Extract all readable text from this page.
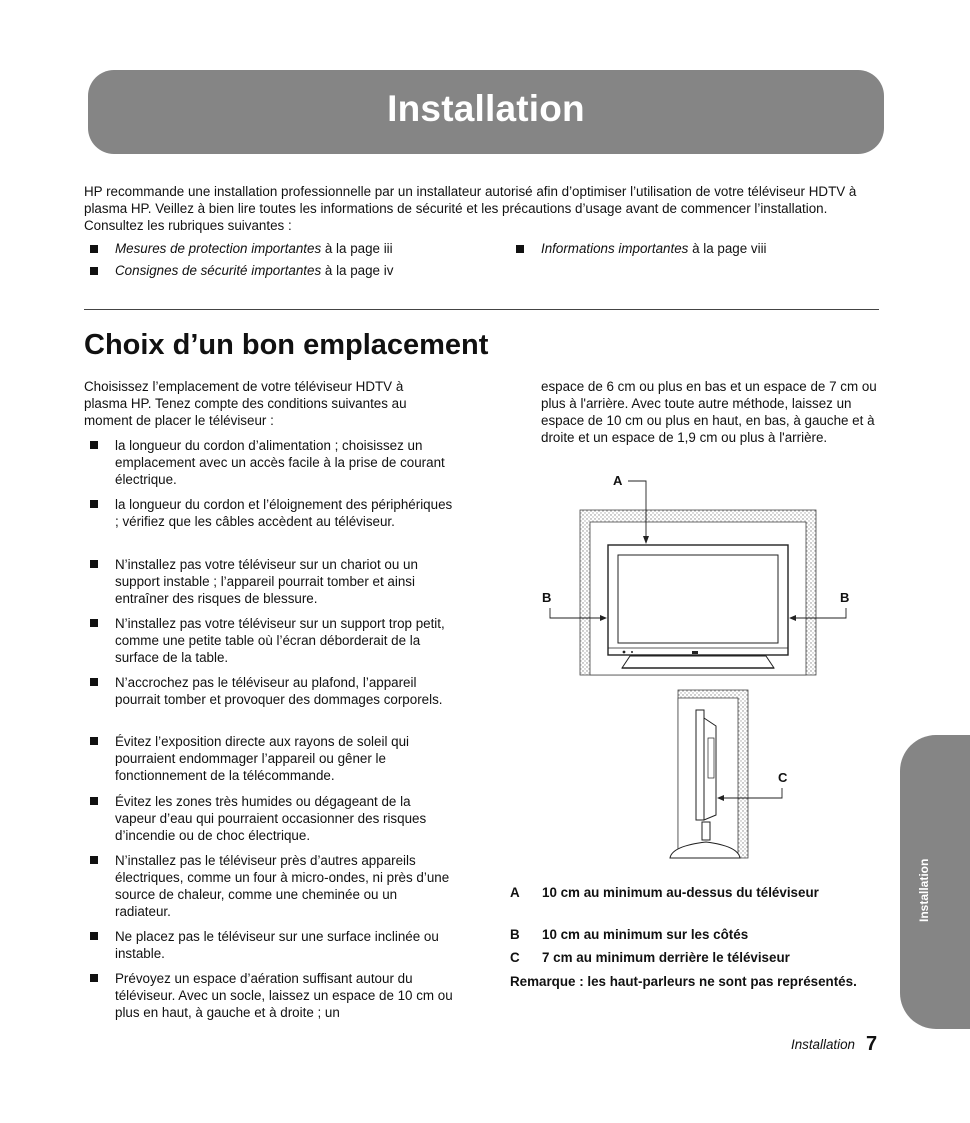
Installation
HP recommande une installation professionnelle par un installateur autorisé afin d’optimiser l’utilisation de votre téléviseur HDTV à plasma HP. Veillez à bien lire toutes les informations de sécurité et les précautions d’usage avant de commencer l’installation. Consultez les rubriques suivantes :
Mesures de protection importantes à la page iii
Consignes de sécurité importantes à la page iv
Informations importantes à la page viii
Choix d’un bon emplacement
Choisissez l’emplacement de votre téléviseur HDTV à plasma HP. Tenez compte des conditions suivantes au moment de placer le téléviseur :
la longueur du cordon d’alimentation ; choisissez un emplacement avec un accès facile à la prise de courant électrique.
la longueur du cordon et l’éloignement des périphériques ; vérifiez que les câbles accèdent au téléviseur.
N’installez pas votre téléviseur sur un chariot ou un support instable ; l’appareil pourrait tomber et ainsi entraîner des risques de blessure.
N’installez pas votre téléviseur sur un support trop petit, comme une petite table où l’écran déborderait de la surface de la table.
N’accrochez pas le téléviseur au plafond, l’appareil pourrait tomber et provoquer des dommages corporels.
Évitez l’exposition directe aux rayons de soleil qui pourraient endommager l’appareil ou gêner le fonctionnement de la télécommande.
Évitez les zones très humides ou dégageant de la vapeur d’eau qui pourraient occasionner des risques d’incendie ou de choc électrique.
N’installez pas le téléviseur près d’autres appareils électriques, comme un four à micro-ondes, ni près d’une source de chaleur, comme une cheminée ou un radiateur.
Ne placez pas le téléviseur sur une surface inclinée ou instable.
Prévoyez un espace d’aération suffisant autour du téléviseur. Avec un socle, laissez un espace de 10 cm ou plus en haut, à gauche et à droite ; un
espace de 6 cm ou plus en bas et un espace de 7 cm ou plus à l'arrière. Avec toute autre méthode, laissez un espace de 10 cm ou plus en haut, en bas, à gauche et à droite et un espace de 1,9 cm ou plus à l'arrière.
A
B	B
C
A 10 cm au minimum au-dessus du téléviseur
B 10 cm au minimum sur les côtés
C 7 cm au minimum derrière le téléviseur
Remarque : les haut-parleurs ne sont pas représentés.
Installation
Installation 7
